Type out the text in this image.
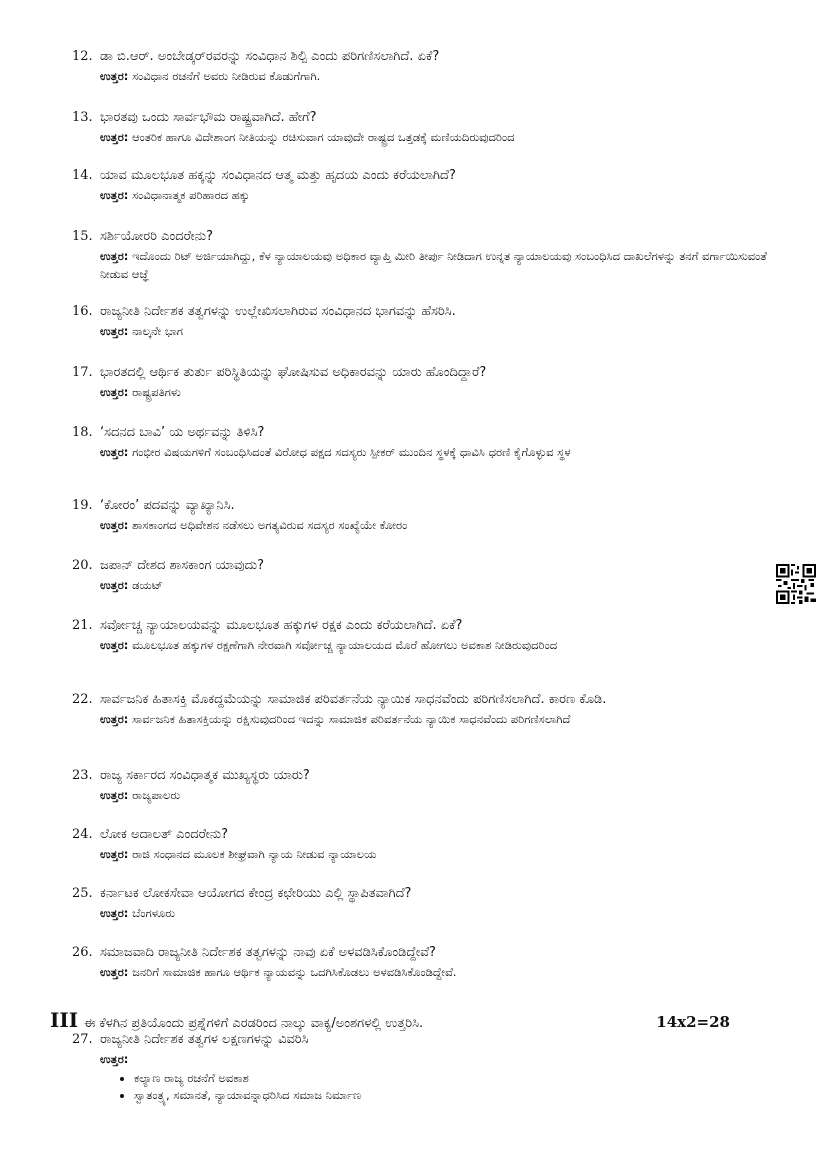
12. ಡಾ ಬಿ.ಆರ್. ಅಂಬೇಡ್ಕರ್‌ರವರನ್ನು ಸಂವಿಧಾನ ಶಿಲ್ಪಿ ಎಂದು ಪರಿಗಣಿಸಲಾಗಿದೆ. ಏಕೆ?
ಉತ್ತರ: ಸಂವಿಧಾನ ರಚನೆಗೆ ಅವರು ನೀಡಿರುವ ಕೊಡುಗೆಗಾಗಿ.
13. ಭಾರತವು ಒಂದು ಸಾರ್ವಭೌಮ ರಾಷ್ಟ್ರವಾಗಿದೆ. ಹೇಗೆ?
ಉತ್ತರ: ಆಂತರಿಕ ಹಾಗೂ ವಿದೇಶಾಂಗ ನೀತಿಯನ್ನು ರಚಿಸುವಾಗ ಯಾವುದೇ ರಾಷ್ಟ್ರದ ಒತ್ತಡಕ್ಕೆ ಮಣಿಯದಿರುವುದರಿಂದ
14. ಯಾವ ಮೂಲಭೂತ ಹಕ್ಕನ್ನು ಸಂವಿಧಾನದ ಆತ್ಮ ಮತ್ತು ಹೃದಯ ಎಂದು ಕರೆಯಲಾಗಿದೆ?
ಉತ್ತರ: ಸಂವಿಧಾನಾತ್ಮಕ ಪರಿಹಾರದ ಹಕ್ಕು
15. ಸರ್ಶಿಯೋರರಿ ಎಂದರೇನು?
ಉತ್ತರ: ಇದೊಂದು ರಿಟ್ ಅರ್ಜಿಯಾಗಿದ್ದು, ಕೆಳ ನ್ಯಾಯಾಲಯವು ಅಧಿಕಾರ ವ್ಯಾಪ್ತಿ ಮೀರಿ ತೀರ್ಪು ನೀಡಿದಾಗ ಉನ್ನತ ನ್ಯಾಯಾಲಯವು ಸಂಬಂಧಿಸಿದ ದಾಖಲೆಗಳನ್ನು ತನಗೆ ವರ್ಗಾಯಿಸುವಂತೆ ನೀಡುವ ಆಜ್ಞೆ
16. ರಾಜ್ಯನೀತಿ ನಿರ್ದೇಶಕ ತತ್ವಗಳನ್ನು ಉಲ್ಲೇಖಿಸಲಾಗಿರುವ ಸಂವಿಧಾನದ ಭಾಗವನ್ನು ಹೆಸರಿಸಿ.
ಉತ್ತರ: ನಾಲ್ಕನೇ ಭಾಗ
17. ಭಾರತದಲ್ಲಿ ಆರ್ಥಿಕ ತುರ್ತು ಪರಿಸ್ಥಿತಿಯನ್ನು ಘೋಷಿಸುವ ಅಧಿಕಾರವನ್ನು ಯಾರು ಹೊಂದಿದ್ದಾರೆ?
ಉತ್ತರ: ರಾಷ್ಟ್ರಪತಿಗಳು
18. ‘ಸದನದ ಬಾವಿ’ ಯ ಅರ್ಥವನ್ನು ತಿಳಿಸಿ?
ಉತ್ತರ: ಗಂಭೀರ ವಿಷಯಗಳಿಗೆ ಸಂಬಂಧಿಸಿದಂತೆ ವಿರೋಧ ಪಕ್ಷದ ಸದಸ್ಯರು ಸ್ಪೀಕರ್ ಮುಂದಿನ ಸ್ಥಳಕ್ಕೆ ಧಾವಿಸಿ ಧರಣಿ ಕೈಗೊಳ್ಳುವ ಸ್ಥಳ
19. ‘ಕೋರಂ’ ಪದವನ್ನು ವ್ಯಾಖ್ಯಾನಿಸಿ.
ಉತ್ತರ: ಶಾಸಕಾಂಗದ ಅಧಿವೇಶನ ನಡೆಸಲು ಅಗತ್ಯವಿರುವ ಸದಸ್ಯರ ಸಂಖ್ಯೆಯೇ ಕೋರಂ
20. ಜಪಾನ್ ದೇಶದ ಶಾಸಕಾಂಗ ಯಾವುದು?
ಉತ್ತರ: ಡಯಟ್
21. ಸರ್ವೋಚ್ಚ ನ್ಯಾಯಾಲಯವನ್ನು ಮೂಲಭೂತ ಹಕ್ಕುಗಳ ರಕ್ಷಕ ಎಂದು ಕರೆಯಲಾಗಿದೆ. ಏಕೆ?
ಉತ್ತರ: ಮೂಲಭೂತ ಹಕ್ಕುಗಳ ರಕ್ಷಣೆಗಾಗಿ ನೇರವಾಗಿ ಸರ್ವೋಚ್ಚ ನ್ಯಾಯಾಲಯದ ಮೊರೆ ಹೋಗಲು ಅವಕಾಶ ನೀಡಿರುವುದರಿಂದ
22. ಸಾರ್ವಜನಿಕ ಹಿತಾಸಕ್ತಿ ಮೊಕದ್ದಮೆಯನ್ನು ಸಾಮಾಜಿಕ ಪರಿವರ್ತನೆಯ ನ್ಯಾಯಿಕ ಸಾಧನವೆಂದು ಪರಿಗಣಿಸಲಾಗಿದೆ. ಕಾರಣ ಕೊಡಿ.
ಉತ್ತರ: ಸಾರ್ವಜನಿಕ ಹಿತಾಸಕ್ತಿಯನ್ನು ರಕ್ಷಿಸುವುದರಿಂದ ಇದನ್ನು ಸಾಮಾಜಿಕ ಪರಿವರ್ತನೆಯ ನ್ಯಾಯಿಕ ಸಾಧನವೆಂದು ಪರಿಗಣಿಸಲಾಗಿದೆ
23. ರಾಜ್ಯ ಸರ್ಕಾರದ ಸಂವಿಧಾತ್ಮಕ ಮುಖ್ಯಸ್ಥರು ಯಾರು?
ಉತ್ತರ: ರಾಜ್ಯಪಾಲರು
24. ಲೋಕ ಅದಾಲತ್ ಎಂದರೇನು?
ಉತ್ತರ: ರಾಜಿ ಸಂಧಾನದ ಮೂಲಕ ಶೀಘ್ರವಾಗಿ ನ್ಯಾಯ ನೀಡುವ ನ್ಯಾಯಾಲಯ
25. ಕರ್ನಾಟಕ ಲೋಕಸೇವಾ ಆಯೋಗದ ಕೇಂದ್ರ ಕಛೇರಿಯು ಎಲ್ಲಿ ಸ್ಥಾಪಿತವಾಗಿದೆ?
ಉತ್ತರ: ಬೆಂಗಳೂರು
26. ಸಮಾಜವಾದಿ ರಾಜ್ಯನೀತಿ ನಿರ್ದೇಶಕ ತತ್ವಗಳನ್ನು ನಾವು ಏಕೆ ಅಳವಡಿಸಿಕೊಂಡಿದ್ದೇವೆ?
ಉತ್ತರ: ಜನರಿಗೆ ಸಾಮಾಜಿಕ ಹಾಗೂ ಆರ್ಥಿಕ ನ್ಯಾಯವನ್ನು ಒದಗಿಸಿಕೊಡಲು ಅಳವಡಿಸಿಕೊಂಡಿದ್ದೇವೆ.
III ಈ ಕೆಳಗಿನ ಪ್ರತಿಯೊಂದು ಪ್ರಶ್ನೆಗಳಿಗೆ ಎರಡರಿಂದ ನಾಲ್ಕು ವಾಕ್ಯ/ಅಂಶಗಳಲ್ಲಿ ಉತ್ತರಿಸಿ.	14x2=28
27. ರಾಜ್ಯನೀತಿ ನಿರ್ದೇಶಕ ತತ್ವಗಳ ಲಕ್ಷಣಗಳನ್ನು ವಿವರಿಸಿ
ಉತ್ತರ:
• ಕಲ್ಯಾಣ ರಾಜ್ಯ ರಚನೆಗೆ ಅವಕಾಶ
• ಸ್ವಾತಂತ್ರ್ಯ, ಸಮಾನತೆ, ನ್ಯಾಯಾವನ್ನಾಧರಿಸಿದ ಸಮಾಜ ನಿರ್ಮಾಣ
